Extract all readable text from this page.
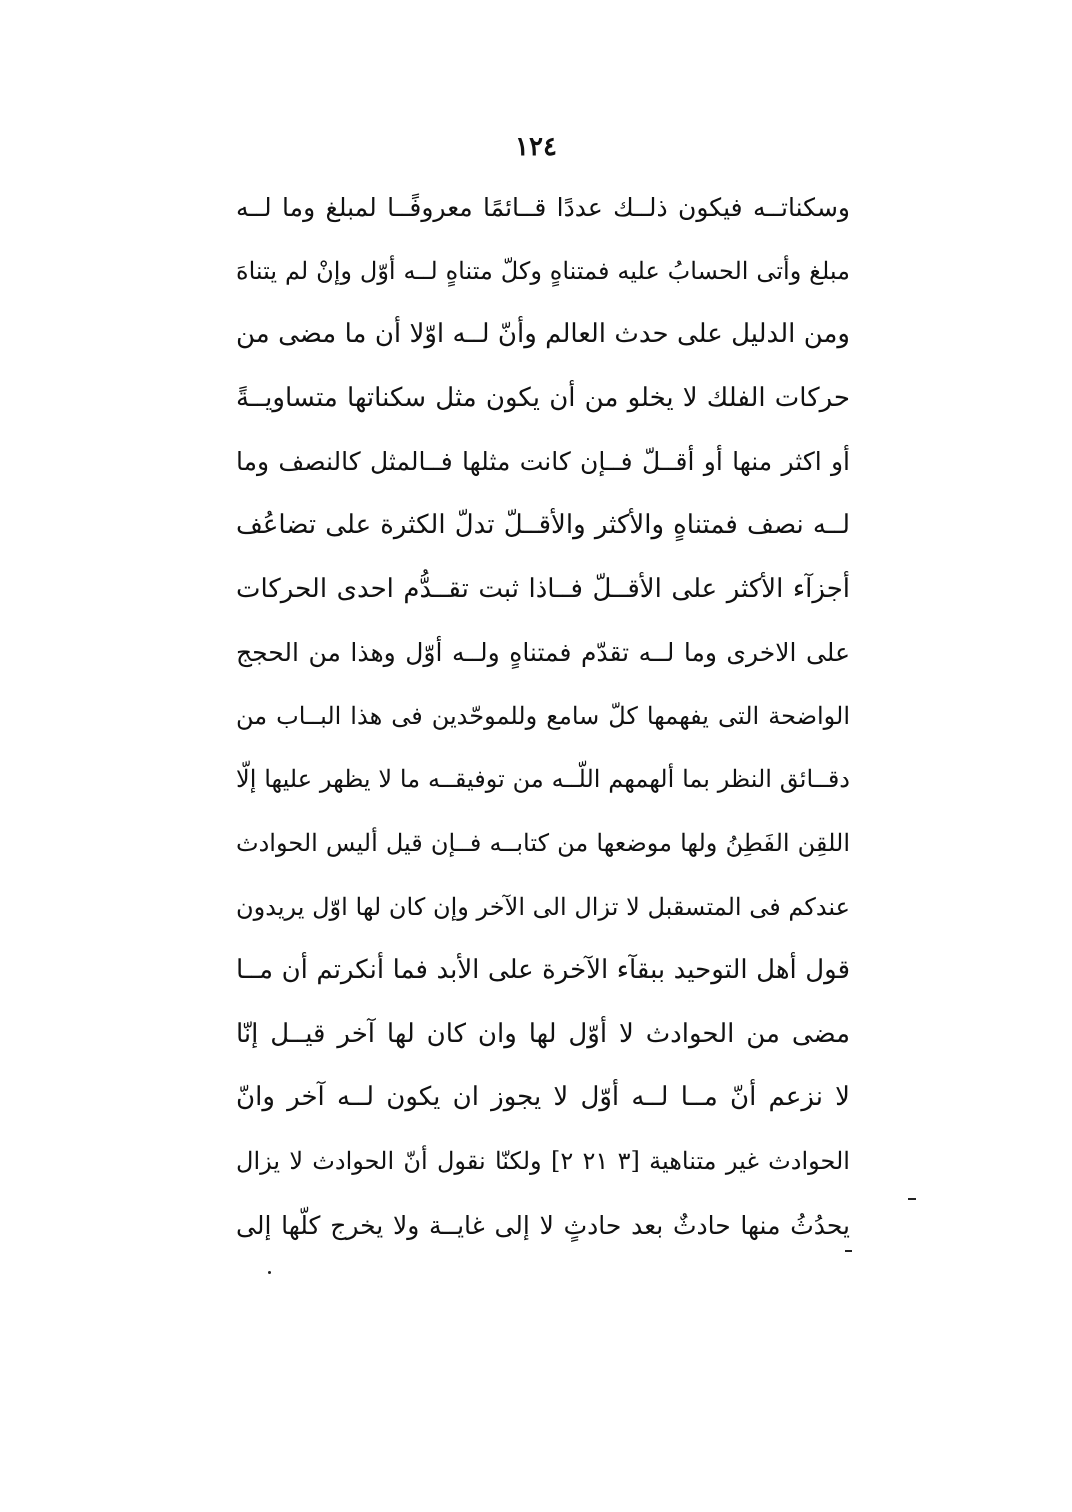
١٢٤
وسكناتــه فيكون ذلــك عددًا قــائمًا معروفًــا لمبلغ وما لــه
مبلغ وأتى الحسابُ عليه فمتناهٍ وكلّ متناهٍ لــه أوّل وإنْ لم يتناهَ
ومن الدليل على حدث العالم وأنّ لــه اوّلا أن ما مضى من
حركات الفلك لا يخلو من أن يكون مثل سكناتها متساويــةً
أو اكثر منها أو أقــلّ فــإن كانت مثلها فــالمثل كالنصف وما
لــه نصف فمتناهٍ والأكثر والأقــلّ تدلّ الكثرة على تضاعُف
أجزآء الأكثر على الأقــلّ فــاذا ثبت تقــدُّم احدى الحركات
على الاخرى وما لــه تقدّم فمتناهٍ ولــه أوّل وهذا من الحجج
الواضحة التى يفهمها كلّ سامع وللموحّدين فى هذا البــاب من
دقــائق النظر بما ألهمهم اللّــه من توفيقــه ما لا يظهر عليها إلّا
اللقِن الفَطِنُ ولها موضعها من كتابــه فــإن قيل أليس الحوادث
عندكم فى المتسقبل لا تزال الى الآخر وإن كان لها اوّل يريدون
قول أهل التوحيد ببقآء الآخرة على الأبد فما أنكرتم أن مــا
مضى من الحوادث لا أوّل لها وان كان لها آخر قيــل إنّا
لا نزعم أنّ مــا لــه أوّل لا يجوز ان يكون لــه آخر وانّ
الحوادث غير متناهية [٣ ٢١ ٢] ولكنّا نقول أنّ الحوادث لا يزال
يحدُثُ منها حادثٌ بعد حادثٍ لا إلى غايــة ولا يخرج كلّها إلى
